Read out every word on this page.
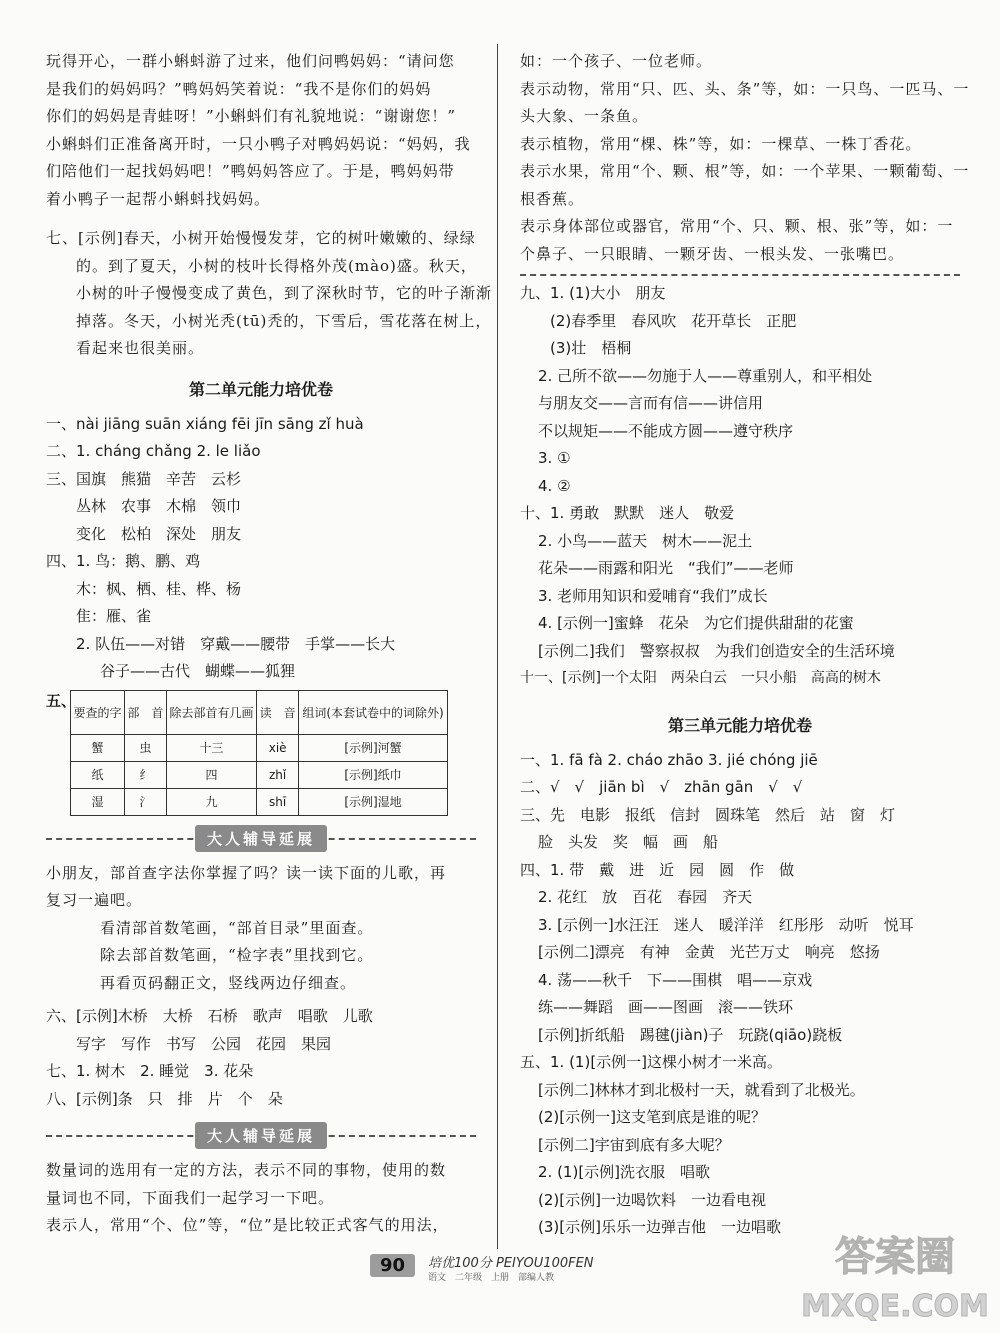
玩得开心，一群小蝌蚪游了过来，他们问鸭妈妈：“请问您
是我们的妈妈吗？”鸭妈妈笑着说：“我不是你们的妈妈
你们的妈妈是青蛙呀！”小蝌蚪们有礼貌地说：“谢谢您！”
小蝌蚪们正准备离开时，一只小鸭子对鸭妈妈说：“妈妈，我
们陪他们一起找妈妈吧！”鸭妈妈答应了。于是，鸭妈妈带
着小鸭子一起帮小蝌蚪找妈妈。
七、[示例]春天，小树开始慢慢发芽，它的树叶嫩嫩的、绿绿
的。到了夏天，小树的枝叶长得格外茂(mào)盛。秋天，
小树的叶子慢慢变成了黄色，到了深秋时节，它的叶子渐渐
掉落。冬天，小树光秃(tū)秃的，下雪后，雪花落在树上，
看起来也很美丽。
第二单元能力培优卷
一、nài jiāng suān xiáng fēi jīn sāng zǐ huà
二、1. cháng chǎng 2. le liǎo
三、国旗　熊猫　辛苦　云杉
丛林　农事　木棉　领巾
变化　松柏　深处　朋友
四、1. 鸟：鹅、鹏、鸡
木：枫、栖、桂、桦、杨
隹：雁、雀
2. 队伍——对错　穿戴——腰带　手掌——长大
谷子——古代　蝴蝶——狐狸
五、
要查的字	部　首	除去部首有几画	读　音	组词(本套试卷中的词除外)
蟹	虫	十三	xiè	[示例]河蟹
纸	纟	四	zhǐ	[示例]纸巾
湿	氵	九	shī	[示例]湿地
大人辅导延展
小朋友，部首查字法你掌握了吗？读一读下面的儿歌，再
复习一遍吧。
看清部首数笔画，“部首目录”里面查。
除去部首数笔画，“检字表”里找到它。
再看页码翻正文，竖线两边仔细查。
六、[示例]木桥　大桥　石桥　歌声　唱歌　儿歌
写字　写作　书写　公园　花园　果园
七、1. 树木　2. 睡觉　3. 花朵
八、[示例]条　只　排　片　个　朵
大人辅导延展
数量词的选用有一定的方法，表示不同的事物，使用的数
量词也不同，下面我们一起学习一下吧。
表示人，常用“个、位”等，“位”是比较正式客气的用法，
如：一个孩子、一位老师。
表示动物，常用“只、匹、头、条”等，如：一只鸟、一匹马、一
头大象、一条鱼。
表示植物，常用“棵、株”等，如：一棵草、一株丁香花。
表示水果，常用“个、颗、根”等，如：一个苹果、一颗葡萄、一
根香蕉。
表示身体部位或器官，常用“个、只、颗、根、张”等，如：一
个鼻子、一只眼睛、一颗牙齿、一根头发、一张嘴巴。
九、1. (1)大小　朋友
(2)春季里　春风吹　花开草长　正肥
(3)壮　梧桐
2. 己所不欲——勿施于人——尊重别人，和平相处
与朋友交——言而有信——讲信用
不以规矩——不能成方圆——遵守秩序
3. ①
4. ②
十、1. 勇敢　默默　迷人　敬爱
2. 小鸟——蓝天　树木——泥土
花朵——雨露和阳光　“我们”——老师
3. 老师用知识和爱哺育“我们”成长
4. [示例一]蜜蜂　花朵　为它们提供甜甜的花蜜
[示例二]我们　警察叔叔　为我们创造安全的生活环境
十一、[示例]一个太阳　两朵白云　一只小船　高高的树木
第三单元能力培优卷
一、1. fā fà 2. cháo zhāo 3. jié chóng jiē
二、√　√　jiān bì　√　zhān gān　√　√
三、先　电影　报纸　信封　圆珠笔　然后　站　窗　灯
脸　头发　奖　幅　画　船
四、1. 带　戴　进　近　园　圆　作　做
2. 花红　放　百花　春园　齐天
3. [示例一]水汪汪　迷人　暖洋洋　红彤彤　动听　悦耳
[示例二]漂亮　有神　金黄　光芒万丈　响亮　悠扬
4. 荡——秋千　下——围棋　唱——京戏
练——舞蹈　画——图画　滚——铁环
[示例]折纸船　踢毽(jiàn)子　玩跷(qiāo)跷板
五、1. (1)[示例一]这棵小树才一米高。
[示例二]林林才到北极村一天，就看到了北极光。
(2)[示例一]这支笔到底是谁的呢？
[示例二]宇宙到底有多大呢？
2. (1)[示例]洗衣服　唱歌
(2)[示例]一边喝饮料　一边看电视
(3)[示例]乐乐一边弹吉他　一边唱歌
90	培优100分 PEIYOU100FEN
语文　二年级　上册　部编人教	答案圈
MXQE.COM
